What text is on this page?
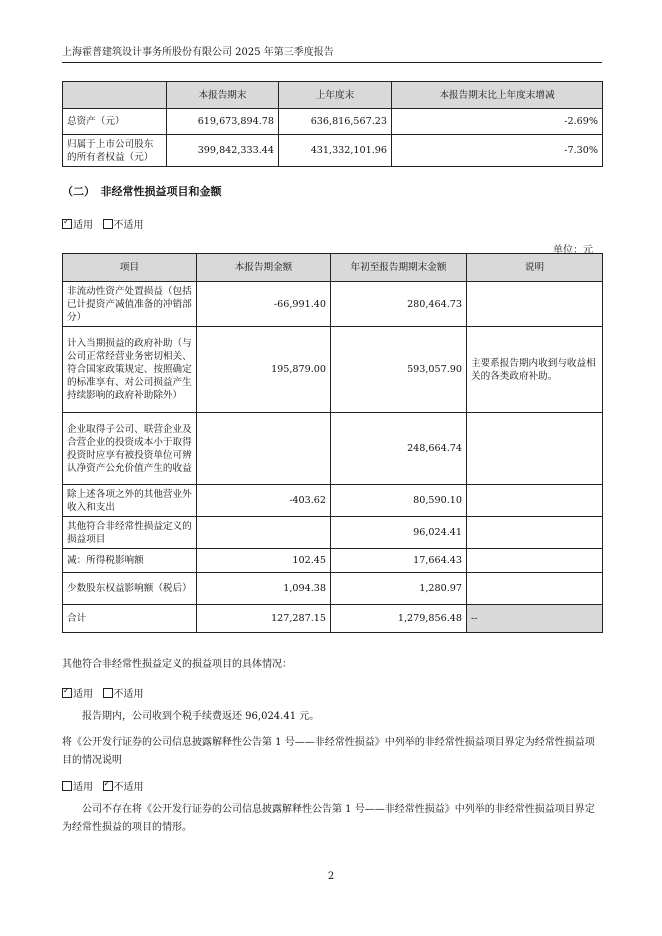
上海霍普建筑设计事务所股份有限公司 2025 年第三季度报告
	本报告期末	上年度末	本报告期末比上年度末增减
总资产（元）	619,673,894.78	636,816,567.23	-2.69%
归属于上市公司股东的所有者权益（元）	399,842,333.44	431,332,101.96	-7.30%
（二）　非经常性损益项目和金额
✓适用 不适用
单位：元
项目	本报告期金额	年初至报告期期末金额	说明
非流动性资产处置损益（包括已计提资产减值准备的冲销部分）	-66,991.40	280,464.73	
计入当期损益的政府补助（与公司正常经营业务密切相关、符合国家政策规定、按照确定的标准享有、对公司损益产生持续影响的政府补助除外）	195,879.00	593,057.90	主要系报告期内收到与收益相关的各类政府补助。
企业取得子公司、联营企业及合营企业的投资成本小于取得投资时应享有被投资单位可辨认净资产公允价值产生的收益		248,664.74	
除上述各项之外的其他营业外收入和支出	-403.62	80,590.10	
其他符合非经常性损益定义的损益项目		96,024.41	
减：所得税影响额	102.45	17,664.43	
少数股东权益影响额（税后）	1,094.38	1,280.97	
合计	127,287.15	1,279,856.48	--
其他符合非经常性损益定义的损益项目的具体情况：
✓适用 不适用
报告期内，公司收到个税手续费返还 96,024.41 元。
将《公开发行证券的公司信息披露解释性公告第 1 号——非经常性损益》中列举的非经常性损益项目界定为经常性损益项目的情况说明
适用 ✓ 不适用
公司不存在将《公开发行证券的公司信息披露解释性公告第 1 号——非经常性损益》中列举的非经常性损益项目界定为经常性损益的项目的情形。
2
